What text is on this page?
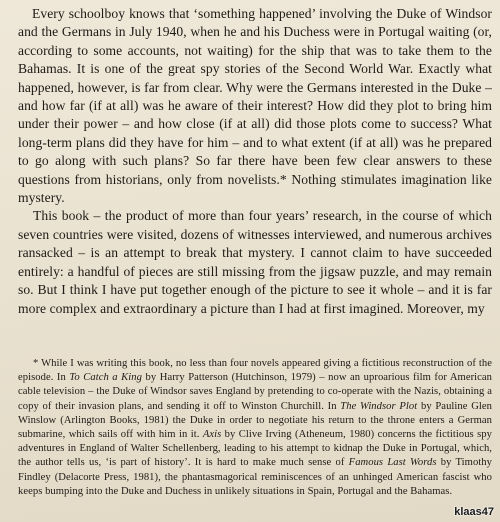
Every schoolboy knows that ‘something happened’ involving the Duke of Windsor and the Germans in July 1940, when he and his Duchess were in Portugal waiting (or, according to some accounts, not waiting) for the ship that was to take them to the Bahamas. It is one of the great spy stories of the Second World War. Exactly what happened, however, is far from clear. Why were the Germans interested in the Duke – and how far (if at all) was he aware of their interest? How did they plot to bring him under their power – and how close (if at all) did those plots come to success? What long-term plans did they have for him – and to what extent (if at all) was he prepared to go along with such plans? So far there have been few clear answers to these questions from historians, only from novelists.* Nothing stimulates imagination like mystery.

This book – the product of more than four years’ research, in the course of which seven countries were visited, dozens of witnesses interviewed, and numerous archives ransacked – is an attempt to break that mystery. I cannot claim to have succeeded entirely: a handful of pieces are still missing from the jigsaw puzzle, and may remain so. But I think I have put together enough of the picture to see it whole – and it is far more complex and extraordinary a picture than I had at first imagined. Moreover, my

* While I was writing this book, no less than four novels appeared giving a fictitious reconstruction of the episode. In To Catch a King by Harry Patterson (Hutchinson, 1979) – now an uproarious film for American cable television – the Duke of Windsor saves England by pretending to co-operate with the Nazis, obtaining a copy of their invasion plans, and sending it off to Winston Churchill. In The Windsor Plot by Pauline Glen Winslow (Arlington Books, 1981) the Duke in order to negotiate his return to the throne enters a German submarine, which sails off with him in it. Axis by Clive Irving (Atheneum, 1980) concerns the fictitious spy adventures in England of Walter Schellenberg, leading to his attempt to kidnap the Duke in Portugal, which, the author tells us, ‘is part of history’. It is hard to make much sense of Famous Last Words by Timothy Findley (Delacorte Press, 1981), the phantasmagorical reminiscences of an unhinged American fascist who keeps bumping into the Duke and Duchess in unlikely situations in Spain, Portugal and the Bahamas.

klaas47
